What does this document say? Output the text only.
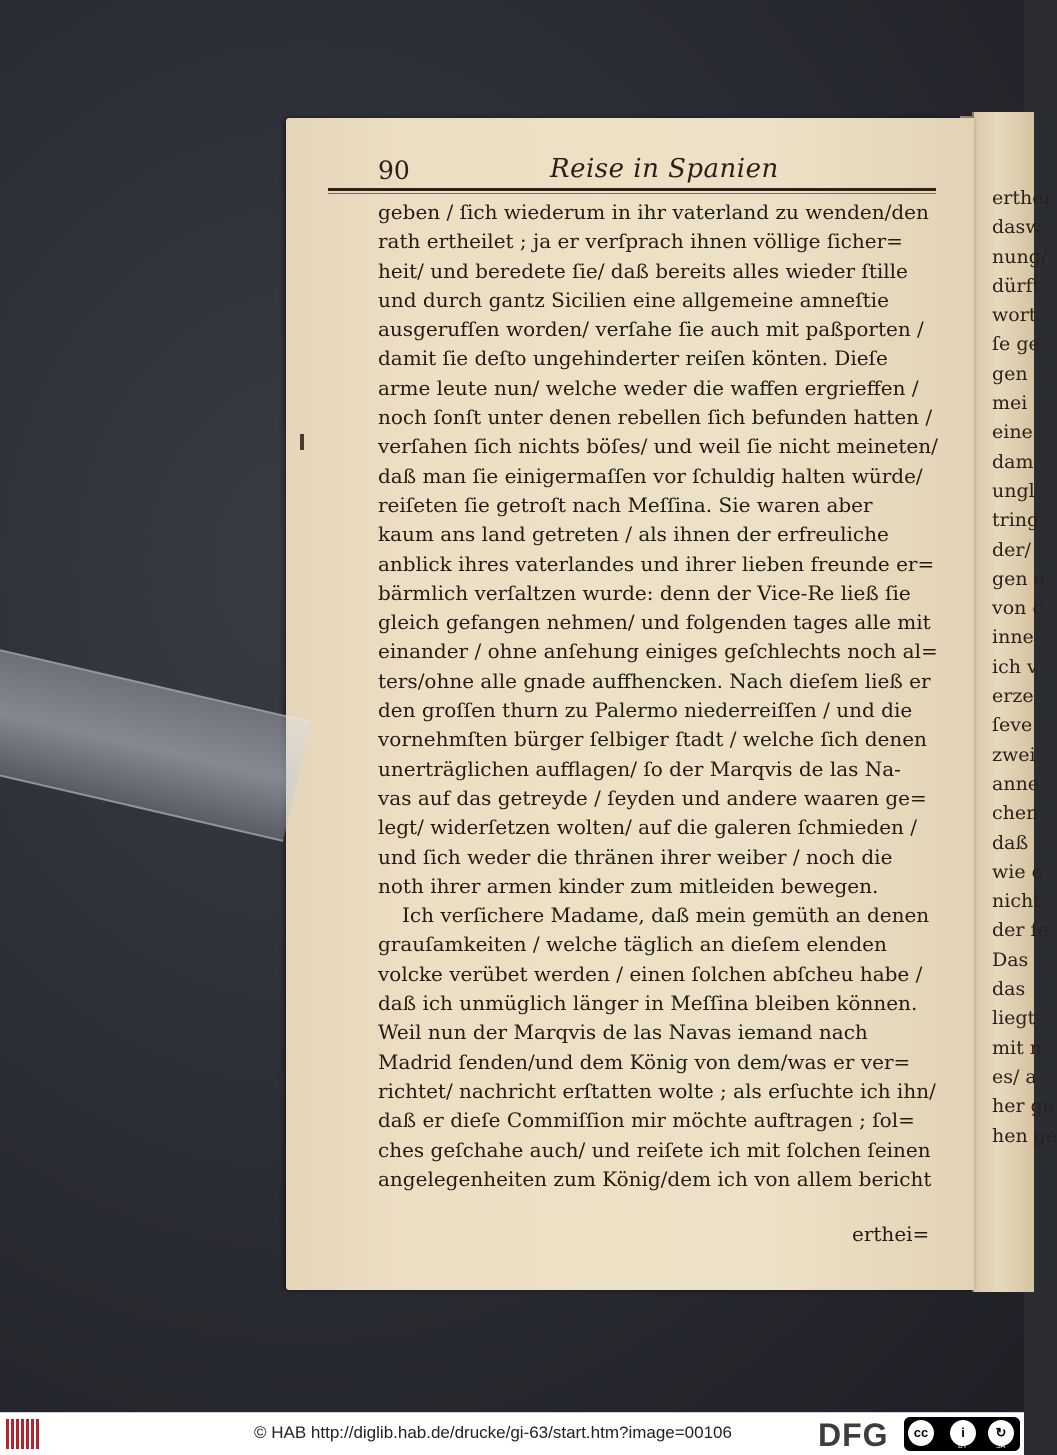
erthei
dasw
nung/
dürft
wort
ſe ge
gen
mei
eine
dam
ungl
tring
der/
gen e
von c
inne
ich v
erze
ſeve
zwei
anne
chen
daß
wie e
nicht
der ſe
Das
das
liegt
mit n
es/ a
her ge
hen ge
90	Reise in Spanien
geben / ſich wiederum in ihr vaterland zu wenden/den
rath ertheilet ; ja er verſprach ihnen völlige ſicher=
heit/ und beredete ſie/ daß bereits alles wieder ſtille
und durch gantz Sicilien eine allgemeine amneſtie
ausgerufſen worden/ verſahe ſie auch mit paßporten /
damit ſie deſto ungehinderter reiſen könten. Dieſe
arme leute nun/ welche weder die waffen ergrieffen /
noch ſonſt unter denen rebellen ſich befunden hatten /
verſahen ſich nichts böſes/ und weil ſie nicht meineten/
daß man ſie einigermaſſen vor ſchuldig halten würde/
reiſeten ſie getroſt nach Meſſina. Sie waren aber
kaum ans land getreten / als ihnen der erfreuliche
anblick ihres vaterlandes und ihrer lieben freunde er=
bärmlich verſaltzen wurde: denn der Vice-Re ließ ſie
gleich gefangen nehmen/ und folgenden tages alle mit
einander / ohne anſehung einiges geſchlechts noch al=
ters/ohne alle gnade auffhencken. Nach dieſem ließ er
den groſſen thurn zu Palermo niederreiſſen / und die
vornehmſten bürger ſelbiger ſtadt / welche ſich denen
unerträglichen aufflagen/ ſo der Marqvis de las Na-
vas auf das getreyde / ſeyden und andere waaren ge=
legt/ widerſetzen wolten/ auf die galeren ſchmieden /
und ſich weder die thränen ihrer weiber / noch die
noth ihrer armen kinder zum mitleiden bewegen.
Ich verſichere Madame, daß mein gemüth an denen
grauſamkeiten / welche täglich an dieſem elenden
volcke verübet werden / einen ſolchen abſcheu habe /
daß ich unmüglich länger in Meſſina bleiben können.
Weil nun der Marqvis de las Navas iemand nach
Madrid ſenden/und dem König von dem/was er ver=
richtet/ nachricht erſtatten wolte ; als erſuchte ich ihn/
daß er dieſe Commiſſion mir möchte auftragen ; ſol=
ches geſchahe auch/ und reiſete ich mit ſolchen ſeinen
angelegenheiten zum König/dem ich von allem bericht
erthei=
© HAB http://diglib.hab.de/drucke/gi-63/start.htm?image=00106	DFG	cc	i	↻
BY	SA
